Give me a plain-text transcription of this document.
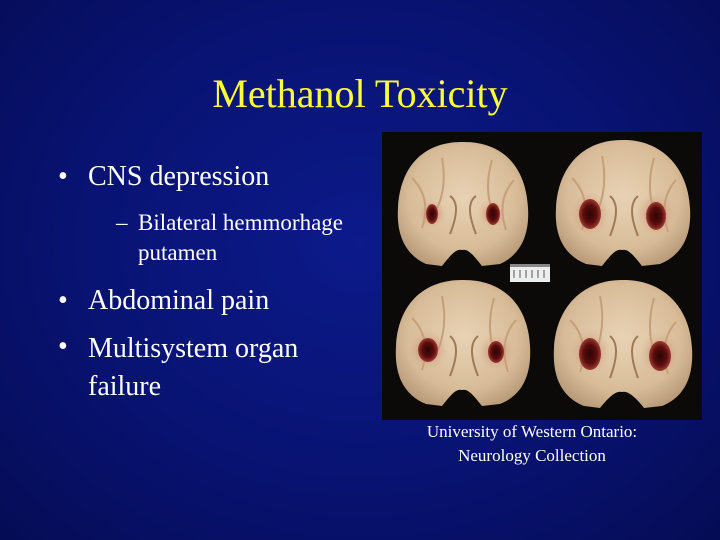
Methanol Toxicity
• CNS depression
– Bilateral hemmorhage putamen
• Abdominal pain
• Multisystem organ failure
University of Western Ontario:
Neurology Collection
